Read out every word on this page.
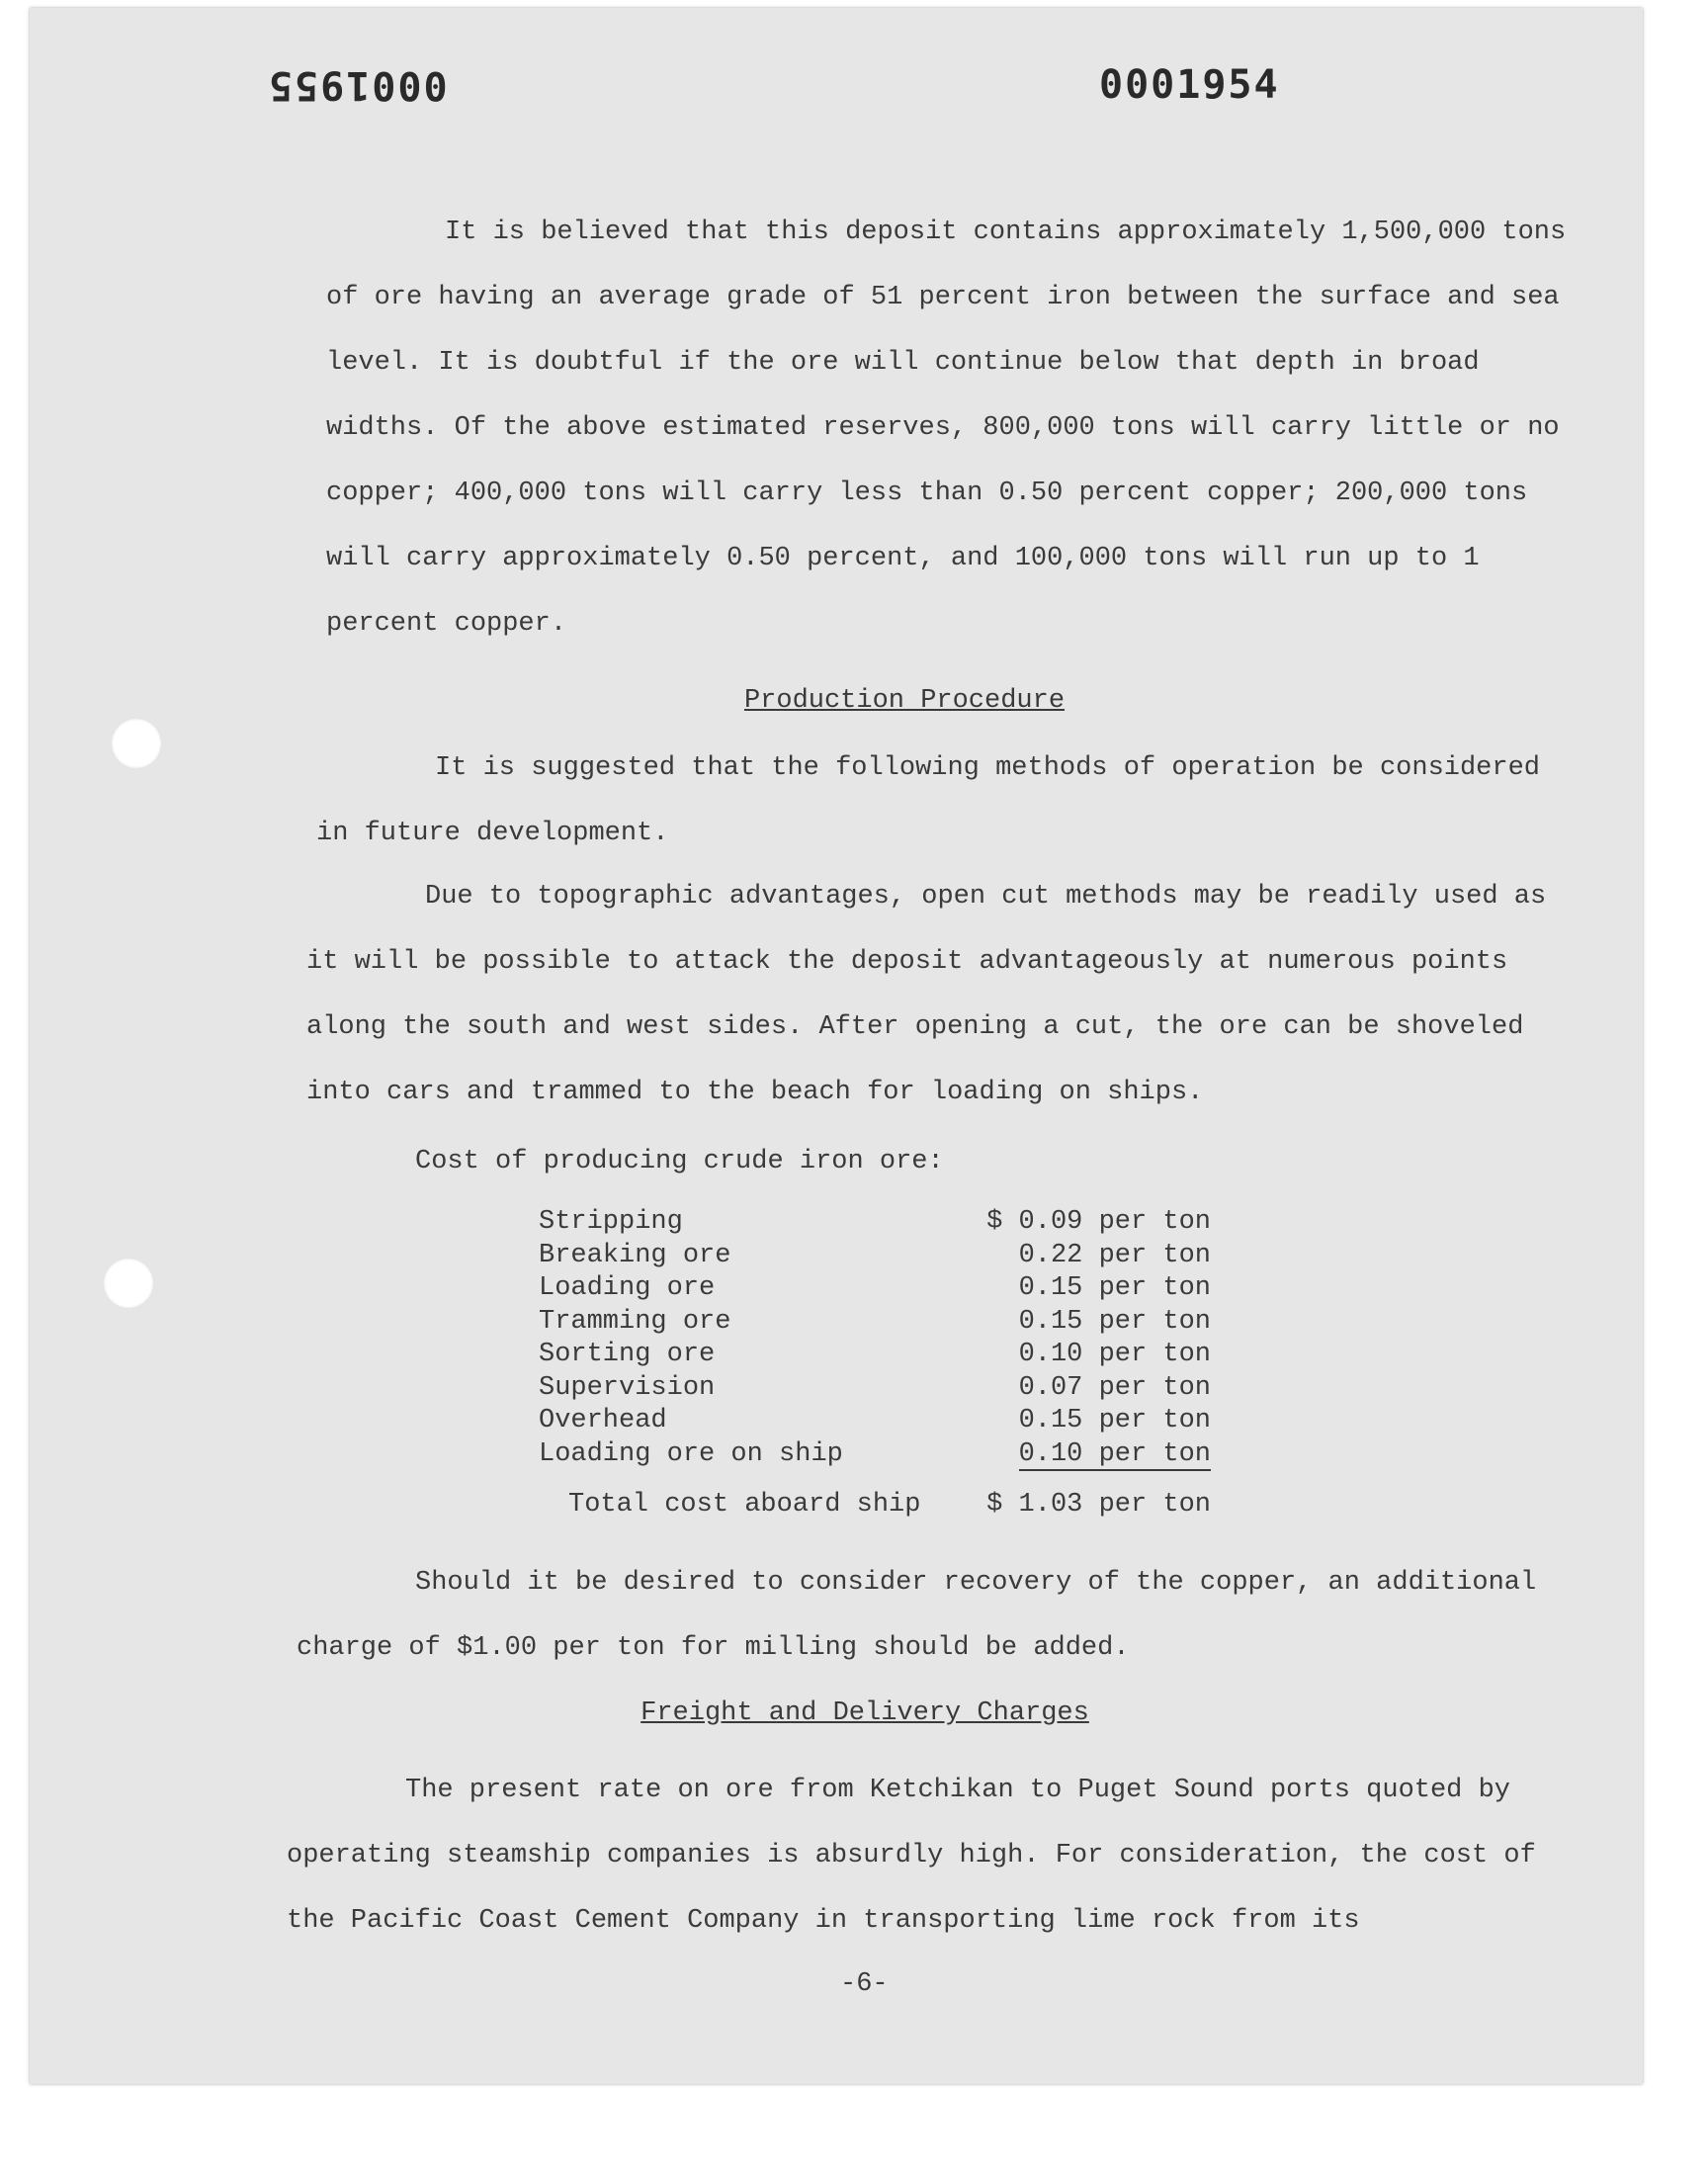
0001955	0001954
It is believed that this deposit contains approximately 1,500,000 tons of ore having an average grade of 51 percent iron between the surface and sea level. It is doubtful if the ore will continue below that depth in broad widths. Of the above estimated reserves, 800,000 tons will carry little or no copper; 400,000 tons will carry less than 0.50 percent copper; 200,000 tons will carry approximately 0.50 percent, and 100,000 tons will run up to 1 percent copper.
Production Procedure
It is suggested that the following methods of operation be considered in future development.
Due to topographic advantages, open cut methods may be readily used as it will be possible to attack the deposit advantageously at numerous points along the south and west sides. After opening a cut, the ore can be shoveled into cars and trammed to the beach for loading on ships.
Cost of producing crude iron ore:
Stripping	$ 0.09 per ton
Breaking ore	0.22 per ton
Loading ore	0.15 per ton
Tramming ore	0.15 per ton
Sorting ore	0.10 per ton
Supervision	0.07 per ton
Overhead	0.15 per ton
Loading ore on ship	0.10 per ton
Total cost aboard ship	$ 1.03 per ton
Should it be desired to consider recovery of the copper, an additional charge of $1.00 per ton for milling should be added.
Freight and Delivery Charges
The present rate on ore from Ketchikan to Puget Sound ports quoted by operating steamship companies is absurdly high. For consideration, the cost of the Pacific Coast Cement Company in transporting lime rock from its
-6-
